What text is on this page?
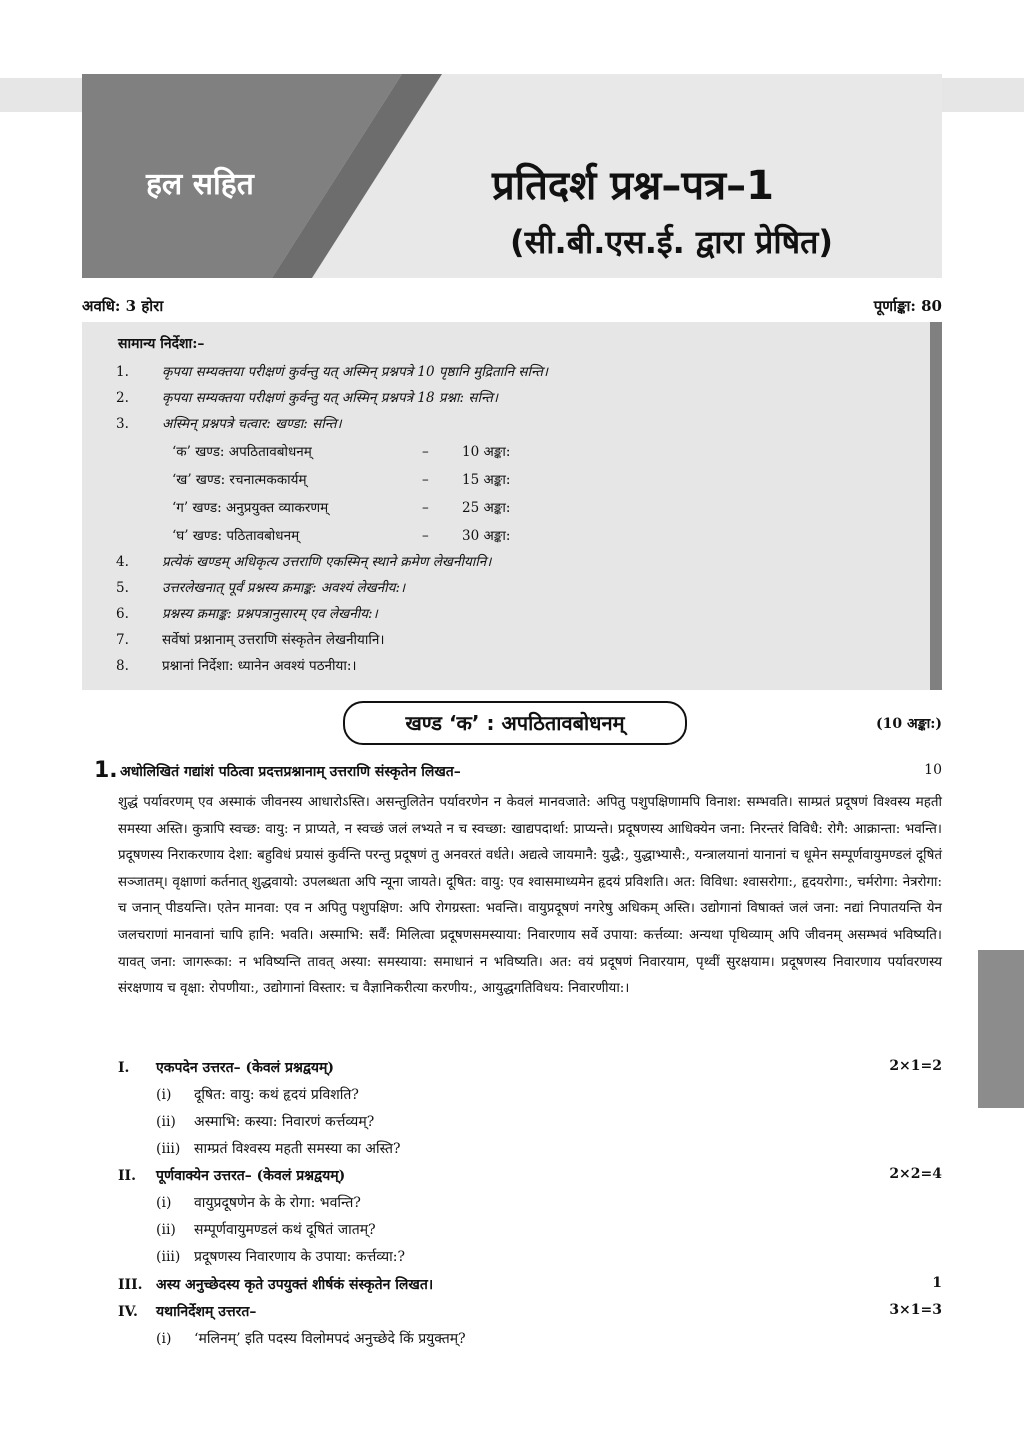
हल सहित	प्रतिदर्श प्रश्न–पत्र–1
(सी.बी.एस.ई. द्वारा प्रेषित)
अवधि: 3 होरा	पूर्णाङ्का: 80
सामान्य निर्देशा:–
1. कृपया सम्यक्तया परीक्षणं कुर्वन्तु यत् अस्मिन् प्रश्नपत्रे 10 पृष्ठानि मुद्रितानि सन्ति।
2. कृपया सम्यक्तया परीक्षणं कुर्वन्तु यत् अस्मिन् प्रश्नपत्रे 18 प्रश्ना: सन्ति।
3. अस्मिन् प्रश्नपत्रे चत्वार: खण्डा: सन्ति।
‘क’ खण्ड: अपठितावबोधनम्	– 10 अङ्का:
‘ख’ खण्ड: रचनात्मककार्यम्	– 15 अङ्का:
‘ग’ खण्ड: अनुप्रयुक्त व्याकरणम्	– 25 अङ्का:
‘घ’ खण्ड: पठितावबोधनम्	– 30 अङ्का:
4. प्रत्येकं खण्डम् अधिकृत्य उत्तराणि एकस्मिन् स्थाने क्रमेण लेखनीयानि।
5. उत्तरलेखनात् पूर्वं प्रश्नस्य क्रमाङ्क: अवश्यं लेखनीय:।
6. प्रश्नस्य क्रमाङ्क: प्रश्नपत्रानुसारम् एव लेखनीय:।
7. सर्वेषां प्रश्नानाम् उत्तराणि संस्कृतेन लेखनीयानि।
8. प्रश्नानां निर्देशा: ध्यानेन अवश्यं पठनीया:।
खण्ड ‘क’ : अपठितावबोधनम्	(10 अङ्का:)
1. अधोलिखितं गद्यांशं पठित्वा प्रदत्तप्रश्नानाम् उत्तराणि संस्कृतेन लिखत–	10
शुद्धं पर्यावरणम् एव अस्माकं जीवनस्य आधारोऽस्ति। असन्तुलितेन पर्यावरणेन न केवलं मानवजाते: अपितु पशुपक्षिणामपि विनाश: सम्भवति। साम्प्रतं प्रदूषणं विश्वस्य महती समस्या अस्ति। कुत्रापि स्वच्छ: वायु: न प्राप्यते, न स्वच्छं जलं लभ्यते न च स्वच्छा: खाद्यपदार्था: प्राप्यन्ते। प्रदूषणस्य आधिक्येन जना: निरन्तरं विविधै: रोगै: आक्रान्ता: भवन्ति। प्रदूषणस्य निराकरणाय देशा: बहुविधं प्रयासं कुर्वन्ति परन्तु प्रदूषणं तु अनवरतं वर्धते। अद्यत्वे जायमानै: युद्धै:, युद्धाभ्यासै:, यन्त्रालयानां यानानां च धूमेन सम्पूर्णवायुमण्डलं दूषितं सञ्जातम्। वृक्षाणां कर्तनात् शुद्धवायो: उपलब्धता अपि न्यूना जायते। दूषित: वायु: एव श्वासमाध्यमेन हृदयं प्रविशति। अत: विविधा: श्वासरोगा:, हृदयरोगा:, चर्मरोगा: नेत्ररोगा: च जनान् पीडयन्ति। एतेन मानवा: एव न अपितु पशुपक्षिण: अपि रोगग्रस्ता: भवन्ति। वायुप्रदूषणं नगरेषु अधिकम् अस्ति। उद्योगानां विषाक्तं जलं जना: नद्यां निपातयन्ति येन जलचराणां मानवानां चापि हानि: भवति। अस्माभि: सर्वैं: मिलित्वा प्रदूषणसमस्याया: निवारणाय सर्वे उपाया: कर्त्तव्या: अन्यथा पृथिव्याम् अपि जीवनम् असम्भवं भविष्यति। यावत् जना: जागरूका: न भविष्यन्ति तावत् अस्या: समस्याया: समाधानं न भविष्यति। अत: वयं प्रदूषणं निवारयाम, पृथ्वीं सुरक्षयाम। प्रदूषणस्य निवारणाय पर्यावरणस्य संरक्षणाय च वृक्षा: रोपणीया:, उद्योगानां विस्तार: च वैज्ञानिकरीत्या करणीय:, आयुद्धगतिविधय: निवारणीया:।
I. एकपदेन उत्तरत– (केवलं प्रश्नद्वयम्)	2×1=2
(i) दूषित: वायु: कथं हृदयं प्रविशति?
(ii) अस्माभि: कस्या: निवारणं कर्त्तव्यम्?
(iii) साम्प्रतं विश्वस्य महती समस्या का अस्ति?
II. पूर्णवाक्येन उत्तरत– (केवलं प्रश्नद्वयम्)	2×2=4
(i) वायुप्रदूषणेन के के रोगा: भवन्ति?
(ii) सम्पूर्णवायुमण्डलं कथं दूषितं जातम्?
(iii) प्रदूषणस्य निवारणाय के उपाया: कर्त्तव्या:?
III. अस्य अनुच्छेदस्य कृते उपयुक्तं शीर्षकं संस्कृतेन लिखत।	1
IV. यथानिर्देशम् उत्तरत–	3×1=3
(i) ‘मलिनम्’ इति पदस्य विलोमपदं अनुच्छेदे किं प्रयुक्तम्?
